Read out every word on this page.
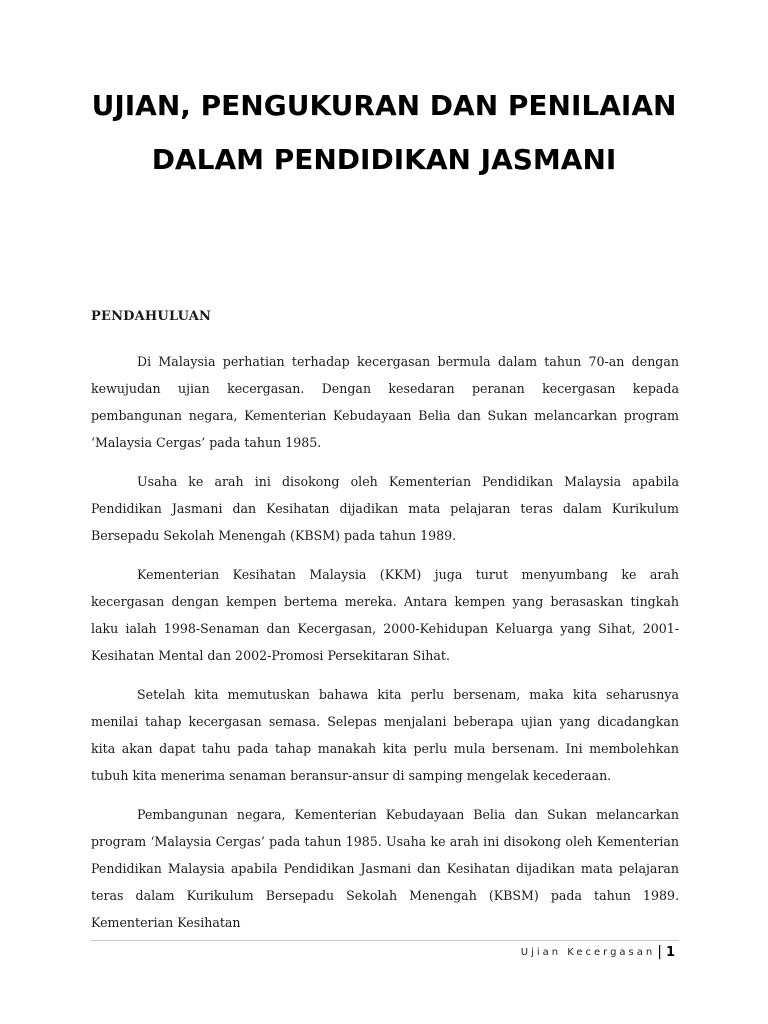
UJIAN, PENGUKURAN DAN PENILAIAN

DALAM PENDIDIKAN JASMANI

PENDAHULUAN

Di Malaysia perhatian terhadap kecergasan bermula dalam tahun 70-an dengan kewujudan ujian kecergasan. Dengan kesedaran peranan kecergasan kepada pembangunan negara, Kementerian Kebudayaan Belia dan Sukan melancarkan program ‘Malaysia Cergas’ pada tahun 1985.

Usaha ke arah ini disokong oleh Kementerian Pendidikan Malaysia apabila Pendidikan Jasmani dan Kesihatan dijadikan mata pelajaran teras dalam Kurikulum Bersepadu Sekolah Menengah (KBSM) pada tahun 1989.

Kementerian Kesihatan Malaysia (KKM) juga turut menyumbang ke arah kecergasan dengan kempen bertema mereka. Antara kempen yang berasaskan tingkah laku ialah 1998-Senaman dan Kecergasan, 2000-Kehidupan Keluarga yang Sihat, 2001-Kesihatan Mental dan 2002-Promosi Persekitaran Sihat.

Setelah kita memutuskan bahawa kita perlu bersenam, maka kita seharusnya menilai tahap kecergasan semasa. Selepas menjalani beberapa ujian yang dicadangkan kita akan dapat tahu pada tahap manakah kita perlu mula bersenam. Ini membolehkan tubuh kita menerima senaman beransur-ansur di samping mengelak kecederaan.

Pembangunan negara, Kementerian Kebudayaan Belia dan Sukan melancarkan program ‘Malaysia Cergas’ pada tahun 1985. Usaha ke arah ini disokong oleh Kementerian Pendidikan Malaysia apabila Pendidikan Jasmani dan Kesihatan dijadikan mata pelajaran teras dalam Kurikulum Bersepadu Sekolah Menengah (KBSM) pada tahun 1989. Kementerian Kesihatan

Ujian Kecergasan | 1
